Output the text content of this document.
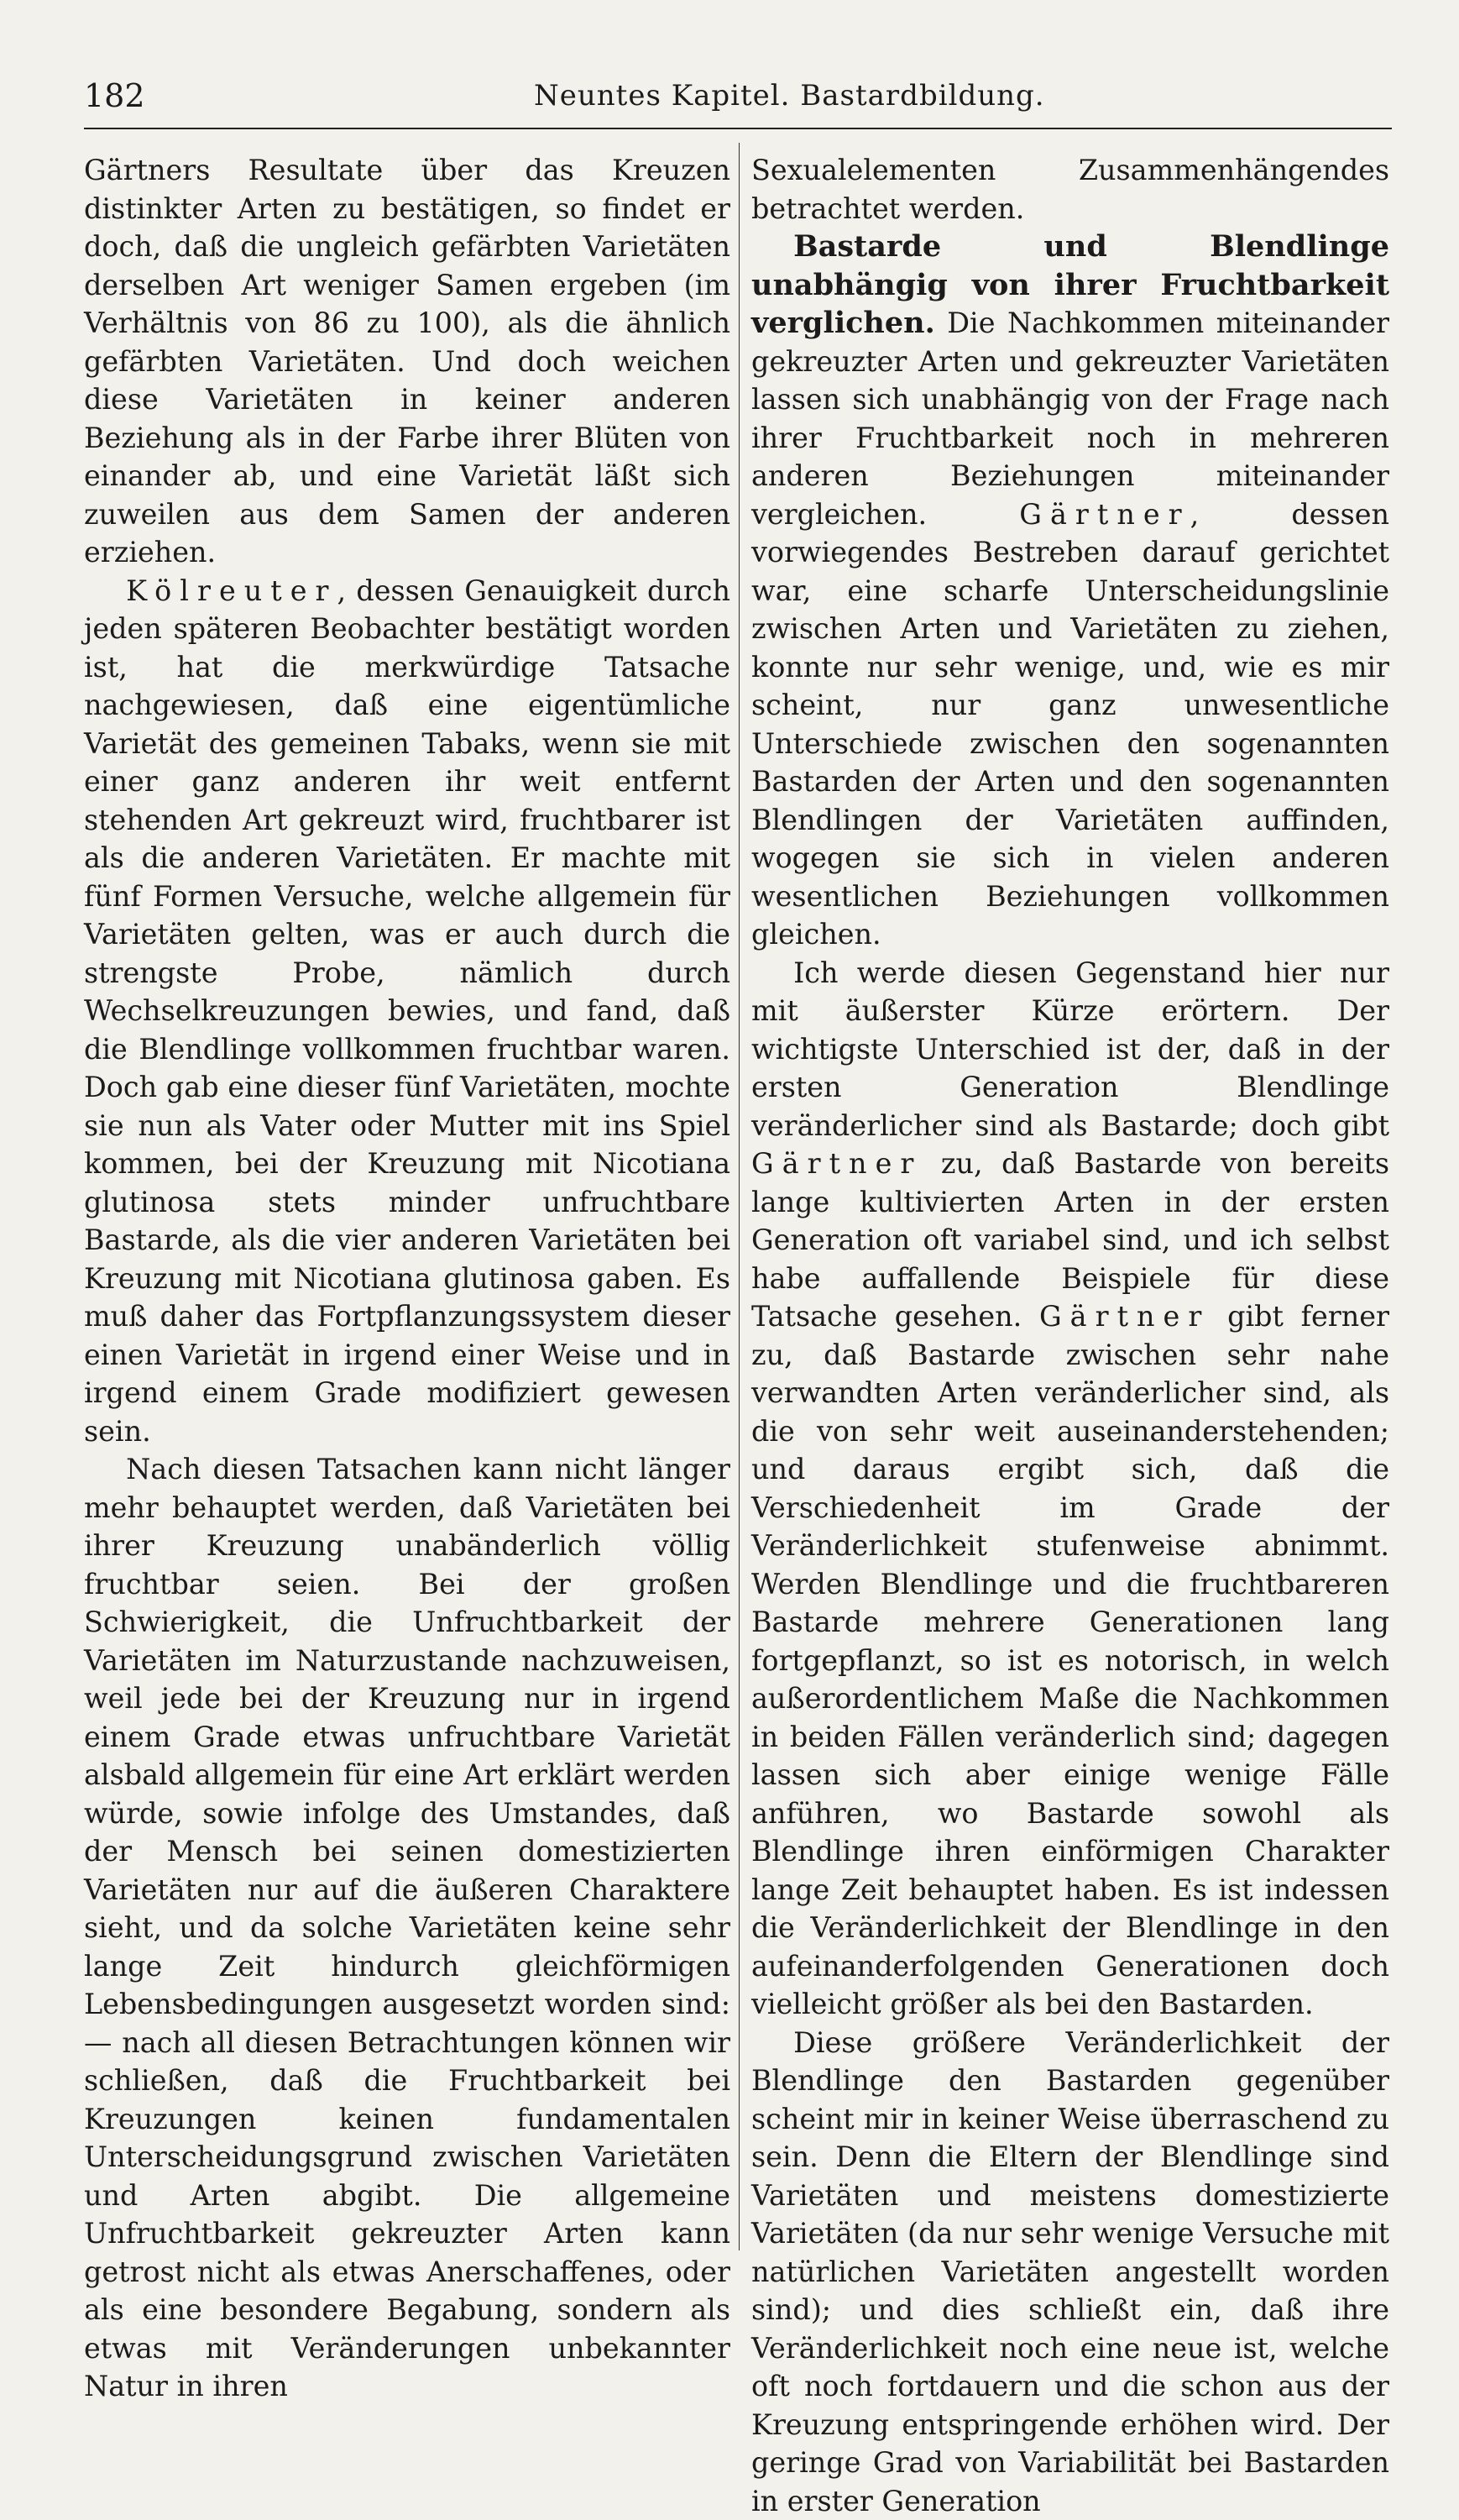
182	Neuntes Kapitel. Bastardbildung.

Gärtners Resultate über das Kreuzen distinkter Arten zu bestätigen, so findet er doch, daß die ungleich gefärbten Varietäten derselben Art weniger Samen ergeben (im Verhältnis von 86 zu 100), als die ähnlich gefärbten Varietäten. Und doch weichen diese Varietäten in keiner anderen Beziehung als in der Farbe ihrer Blüten von einander ab, und eine Varietät läßt sich zuweilen aus dem Samen der anderen erziehen.

Kölreuter, dessen Genauigkeit durch jeden späteren Beobachter bestätigt worden ist, hat die merkwürdige Tatsache nachgewiesen, daß eine eigentümliche Varietät des gemeinen Tabaks, wenn sie mit einer ganz anderen ihr weit entfernt stehenden Art gekreuzt wird, fruchtbarer ist als die anderen Varietäten. Er machte mit fünf Formen Versuche, welche allgemein für Varietäten gelten, was er auch durch die strengste Probe, nämlich durch Wechselkreuzungen bewies, und fand, daß die Blendlinge vollkommen fruchtbar waren. Doch gab eine dieser fünf Varietäten, mochte sie nun als Vater oder Mutter mit ins Spiel kommen, bei der Kreuzung mit Nicotiana glutinosa stets minder unfruchtbare Bastarde, als die vier anderen Varietäten bei Kreuzung mit Nicotiana glutinosa gaben. Es muß daher das Fortpflanzungssystem dieser einen Varietät in irgend einer Weise und in irgend einem Grade modifiziert gewesen sein.

Nach diesen Tatsachen kann nicht länger mehr behauptet werden, daß Varietäten bei ihrer Kreuzung unabänderlich völlig fruchtbar seien. Bei der großen Schwierigkeit, die Unfruchtbarkeit der Varietäten im Naturzustande nachzuweisen, weil jede bei der Kreuzung nur in irgend einem Grade etwas unfruchtbare Varietät alsbald allgemein für eine Art erklärt werden würde, sowie infolge des Umstandes, daß der Mensch bei seinen domestizierten Varietäten nur auf die äußeren Charaktere sieht, und da solche Varietäten keine sehr lange Zeit hindurch gleichförmigen Lebensbedingungen ausgesetzt worden sind: — nach all diesen Betrachtungen können wir schließen, daß die Fruchtbarkeit bei Kreuzungen keinen fundamentalen Unterscheidungsgrund zwischen Varietäten und Arten abgibt. Die allgemeine Unfruchtbarkeit gekreuzter Arten kann getrost nicht als etwas Anerschaffenes, oder als eine besondere Begabung, sondern als etwas mit Veränderungen unbekannter Natur in ihren

Sexualelementen Zusammenhängendes betrachtet werden.

Bastarde und Blendlinge unabhängig von ihrer Fruchtbarkeit verglichen. Die Nachkommen miteinander gekreuzter Arten und gekreuzter Varietäten lassen sich unabhängig von der Frage nach ihrer Fruchtbarkeit noch in mehreren anderen Beziehungen miteinander vergleichen. Gärtner, dessen vorwiegendes Bestreben darauf gerichtet war, eine scharfe Unterscheidungslinie zwischen Arten und Varietäten zu ziehen, konnte nur sehr wenige, und, wie es mir scheint, nur ganz unwesentliche Unterschiede zwischen den sogenannten Bastarden der Arten und den sogenannten Blendlingen der Varietäten auffinden, wogegen sie sich in vielen anderen wesentlichen Beziehungen vollkommen gleichen.

Ich werde diesen Gegenstand hier nur mit äußerster Kürze erörtern. Der wichtigste Unterschied ist der, daß in der ersten Generation Blendlinge veränderlicher sind als Bastarde; doch gibt Gärtner zu, daß Bastarde von bereits lange kultivierten Arten in der ersten Generation oft variabel sind, und ich selbst habe auffallende Beispiele für diese Tatsache gesehen. Gärtner gibt ferner zu, daß Bastarde zwischen sehr nahe verwandten Arten veränderlicher sind, als die von sehr weit auseinanderstehenden; und daraus ergibt sich, daß die Verschiedenheit im Grade der Veränderlichkeit stufenweise abnimmt. Werden Blendlinge und die fruchtbareren Bastarde mehrere Generationen lang fortgepflanzt, so ist es notorisch, in welch außerordentlichem Maße die Nachkommen in beiden Fällen veränderlich sind; dagegen lassen sich aber einige wenige Fälle anführen, wo Bastarde sowohl als Blendlinge ihren einförmigen Charakter lange Zeit behauptet haben. Es ist indessen die Veränderlichkeit der Blendlinge in den aufeinanderfolgenden Generationen doch vielleicht größer als bei den Bastarden.

Diese größere Veränderlichkeit der Blendlinge den Bastarden gegenüber scheint mir in keiner Weise überraschend zu sein. Denn die Eltern der Blendlinge sind Varietäten und meistens domestizierte Varietäten (da nur sehr wenige Versuche mit natürlichen Varietäten angestellt worden sind); und dies schließt ein, daß ihre Veränderlichkeit noch eine neue ist, welche oft noch fortdauern und die schon aus der Kreuzung entspringende erhöhen wird. Der geringe Grad von Variabilität bei Bastarden in erster Generation
